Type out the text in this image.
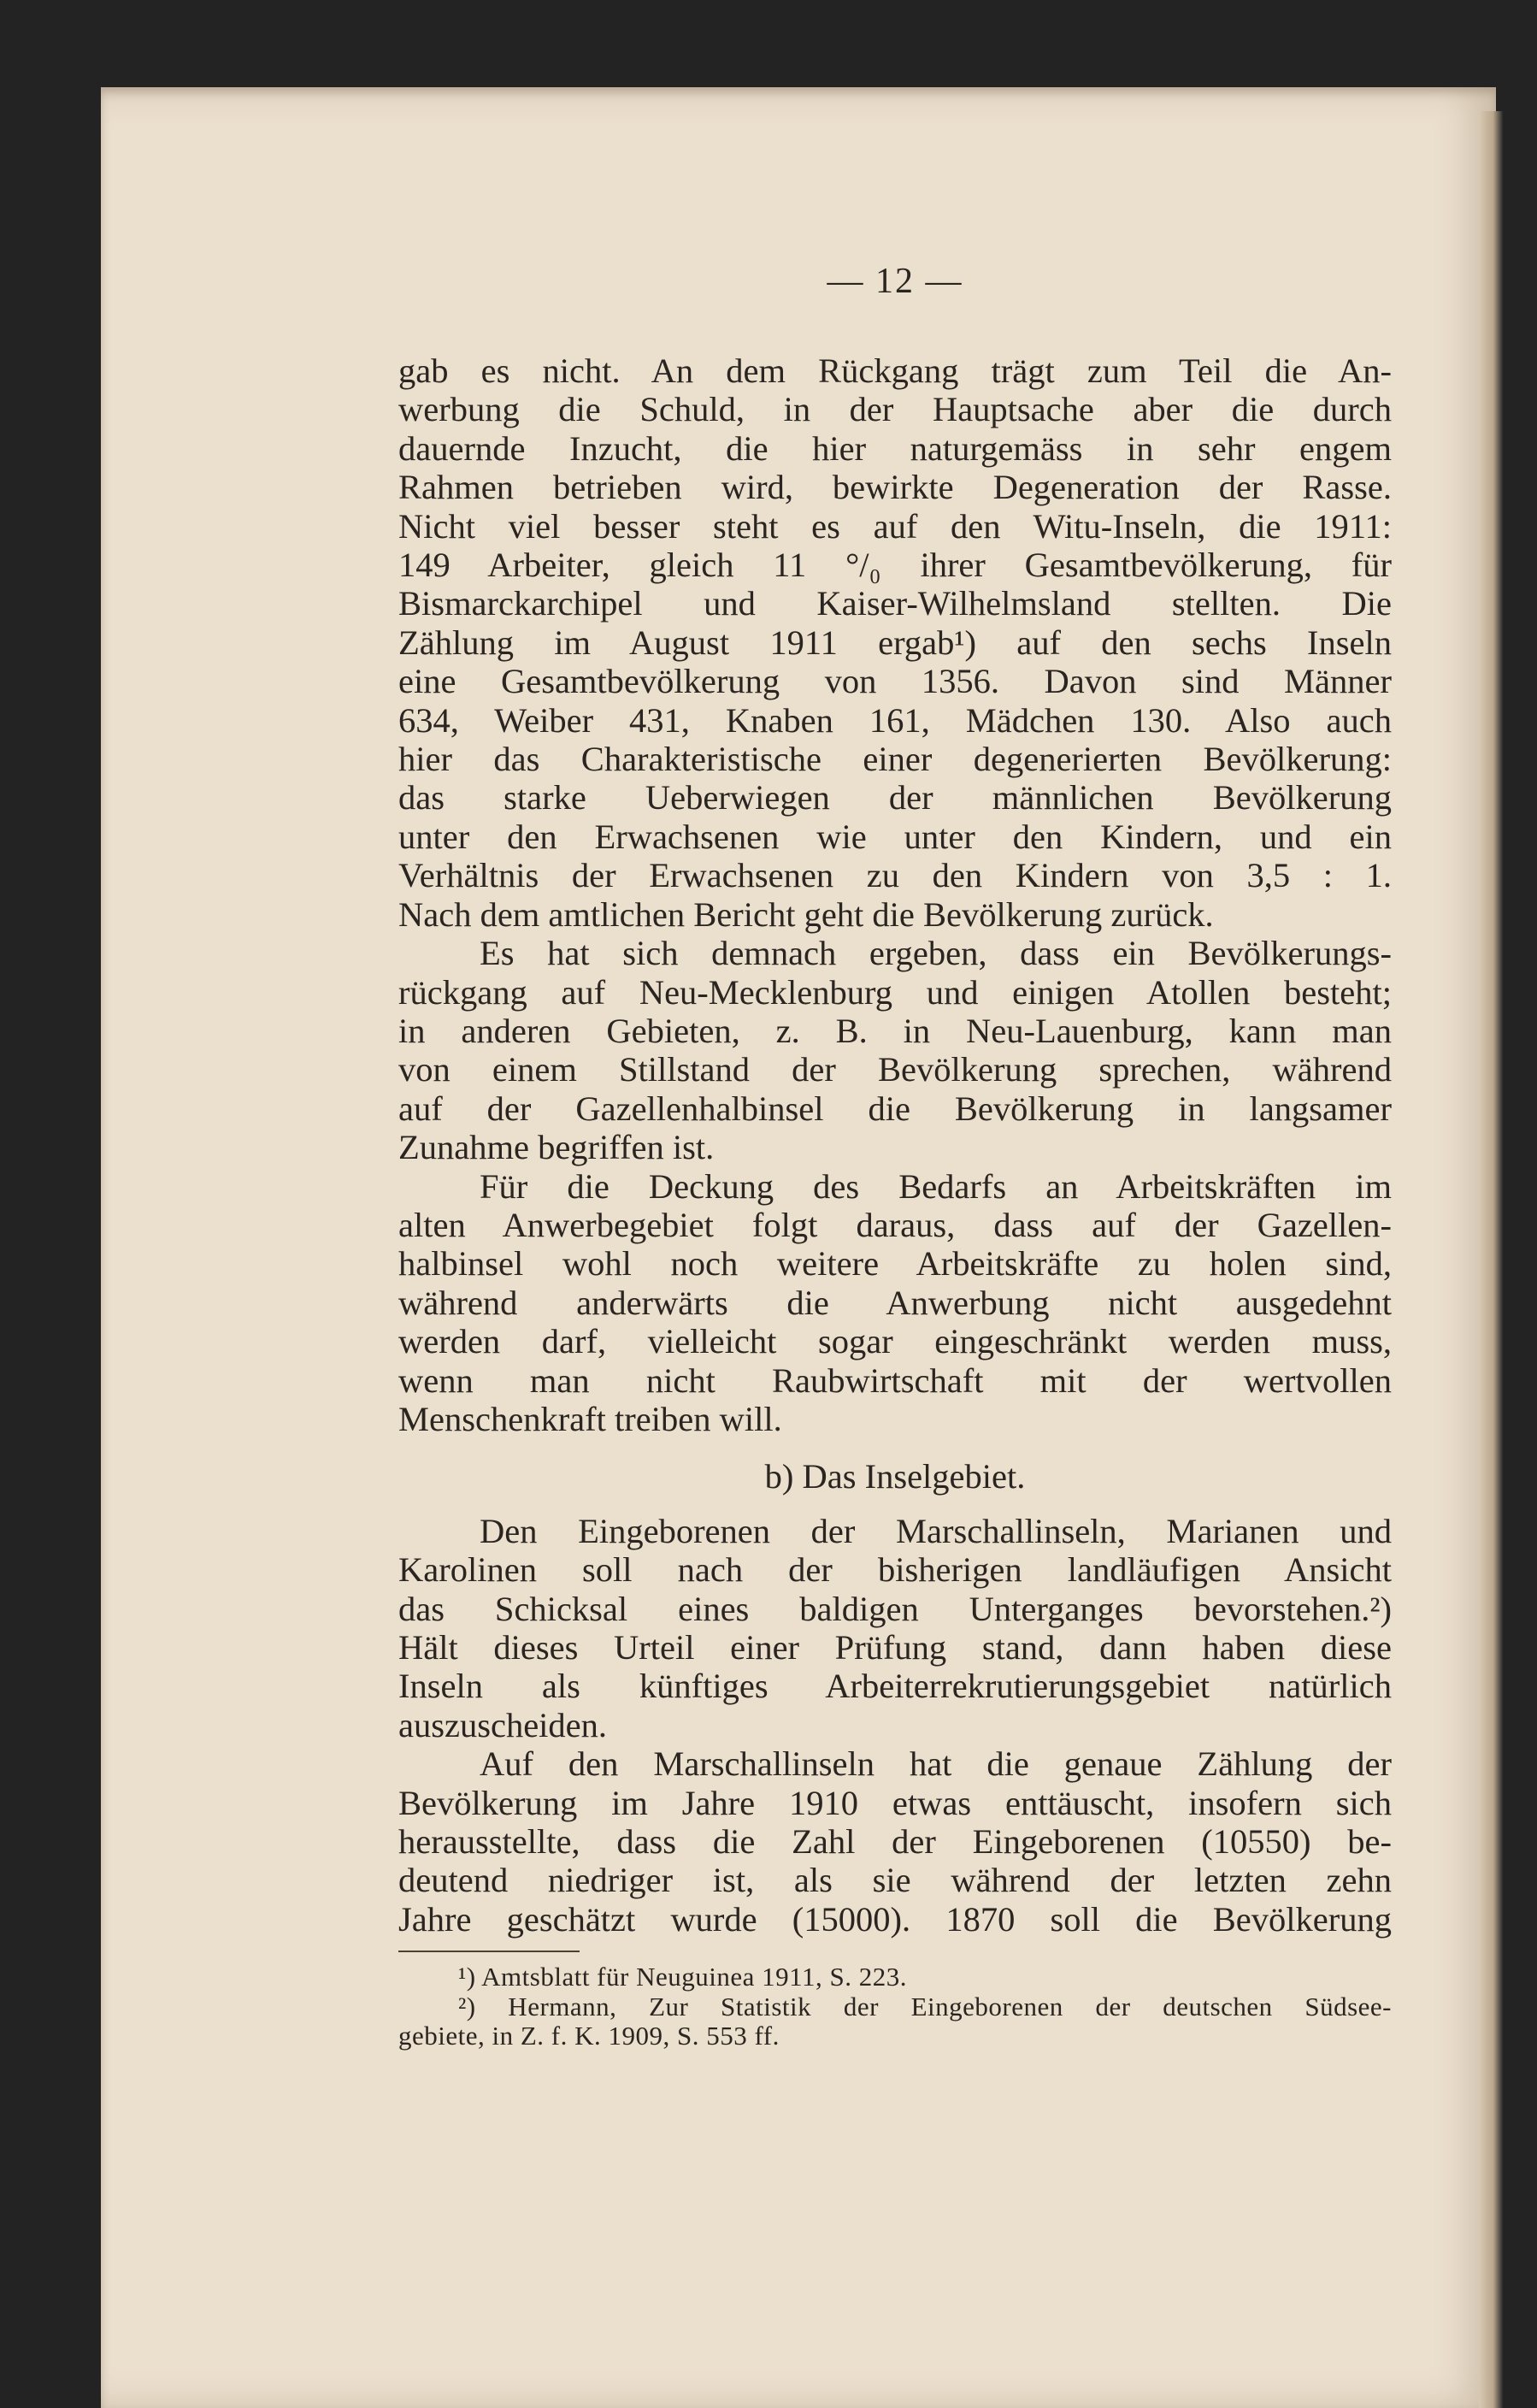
— 12 —
gab es nicht. An dem Rückgang trägt zum Teil die An-
werbung die Schuld, in der Hauptsache aber die durch
dauernde Inzucht, die hier naturgemäss in sehr engem
Rahmen betrieben wird, bewirkte Degeneration der Rasse.
Nicht viel besser steht es auf den Witu-Inseln, die 1911:
149 Arbeiter, gleich 11 °/₀ ihrer Gesamtbevölkerung, für
Bismarckarchipel und Kaiser-Wilhelmsland stellten. Die
Zählung im August 1911 ergab¹) auf den sechs Inseln
eine Gesamtbevölkerung von 1356. Davon sind Männer
634, Weiber 431, Knaben 161, Mädchen 130. Also auch
hier das Charakteristische einer degenerierten Bevölkerung:
das starke Ueberwiegen der männlichen Bevölkerung
unter den Erwachsenen wie unter den Kindern, und ein
Verhältnis der Erwachsenen zu den Kindern von 3,5 : 1.
Nach dem amtlichen Bericht geht die Bevölkerung zurück.
Es hat sich demnach ergeben, dass ein Bevölkerungs-
rückgang auf Neu-Mecklenburg und einigen Atollen besteht;
in anderen Gebieten, z. B. in Neu-Lauenburg, kann man
von einem Stillstand der Bevölkerung sprechen, während
auf der Gazellenhalbinsel die Bevölkerung in langsamer
Zunahme begriffen ist.
Für die Deckung des Bedarfs an Arbeitskräften im
alten Anwerbegebiet folgt daraus, dass auf der Gazellen-
halbinsel wohl noch weitere Arbeitskräfte zu holen sind,
während anderwärts die Anwerbung nicht ausgedehnt
werden darf, vielleicht sogar eingeschränkt werden muss,
wenn man nicht Raubwirtschaft mit der wertvollen
Menschenkraft treiben will.
b) Das Inselgebiet.
Den Eingeborenen der Marschallinseln, Marianen und
Karolinen soll nach der bisherigen landläufigen Ansicht
das Schicksal eines baldigen Unterganges bevorstehen.²)
Hält dieses Urteil einer Prüfung stand, dann haben diese
Inseln als künftiges Arbeiterrekrutierungsgebiet natürlich
auszuscheiden.
Auf den Marschallinseln hat die genaue Zählung der
Bevölkerung im Jahre 1910 etwas enttäuscht, insofern sich
herausstellte, dass die Zahl der Eingeborenen (10550) be-
deutend niedriger ist, als sie während der letzten zehn
Jahre geschätzt wurde (15000). 1870 soll die Bevölkerung
¹) Amtsblatt für Neuguinea 1911, S. 223.
²) Hermann, Zur Statistik der Eingeborenen der deutschen Südsee-
gebiete, in Z. f. K. 1909, S. 553 ff.
